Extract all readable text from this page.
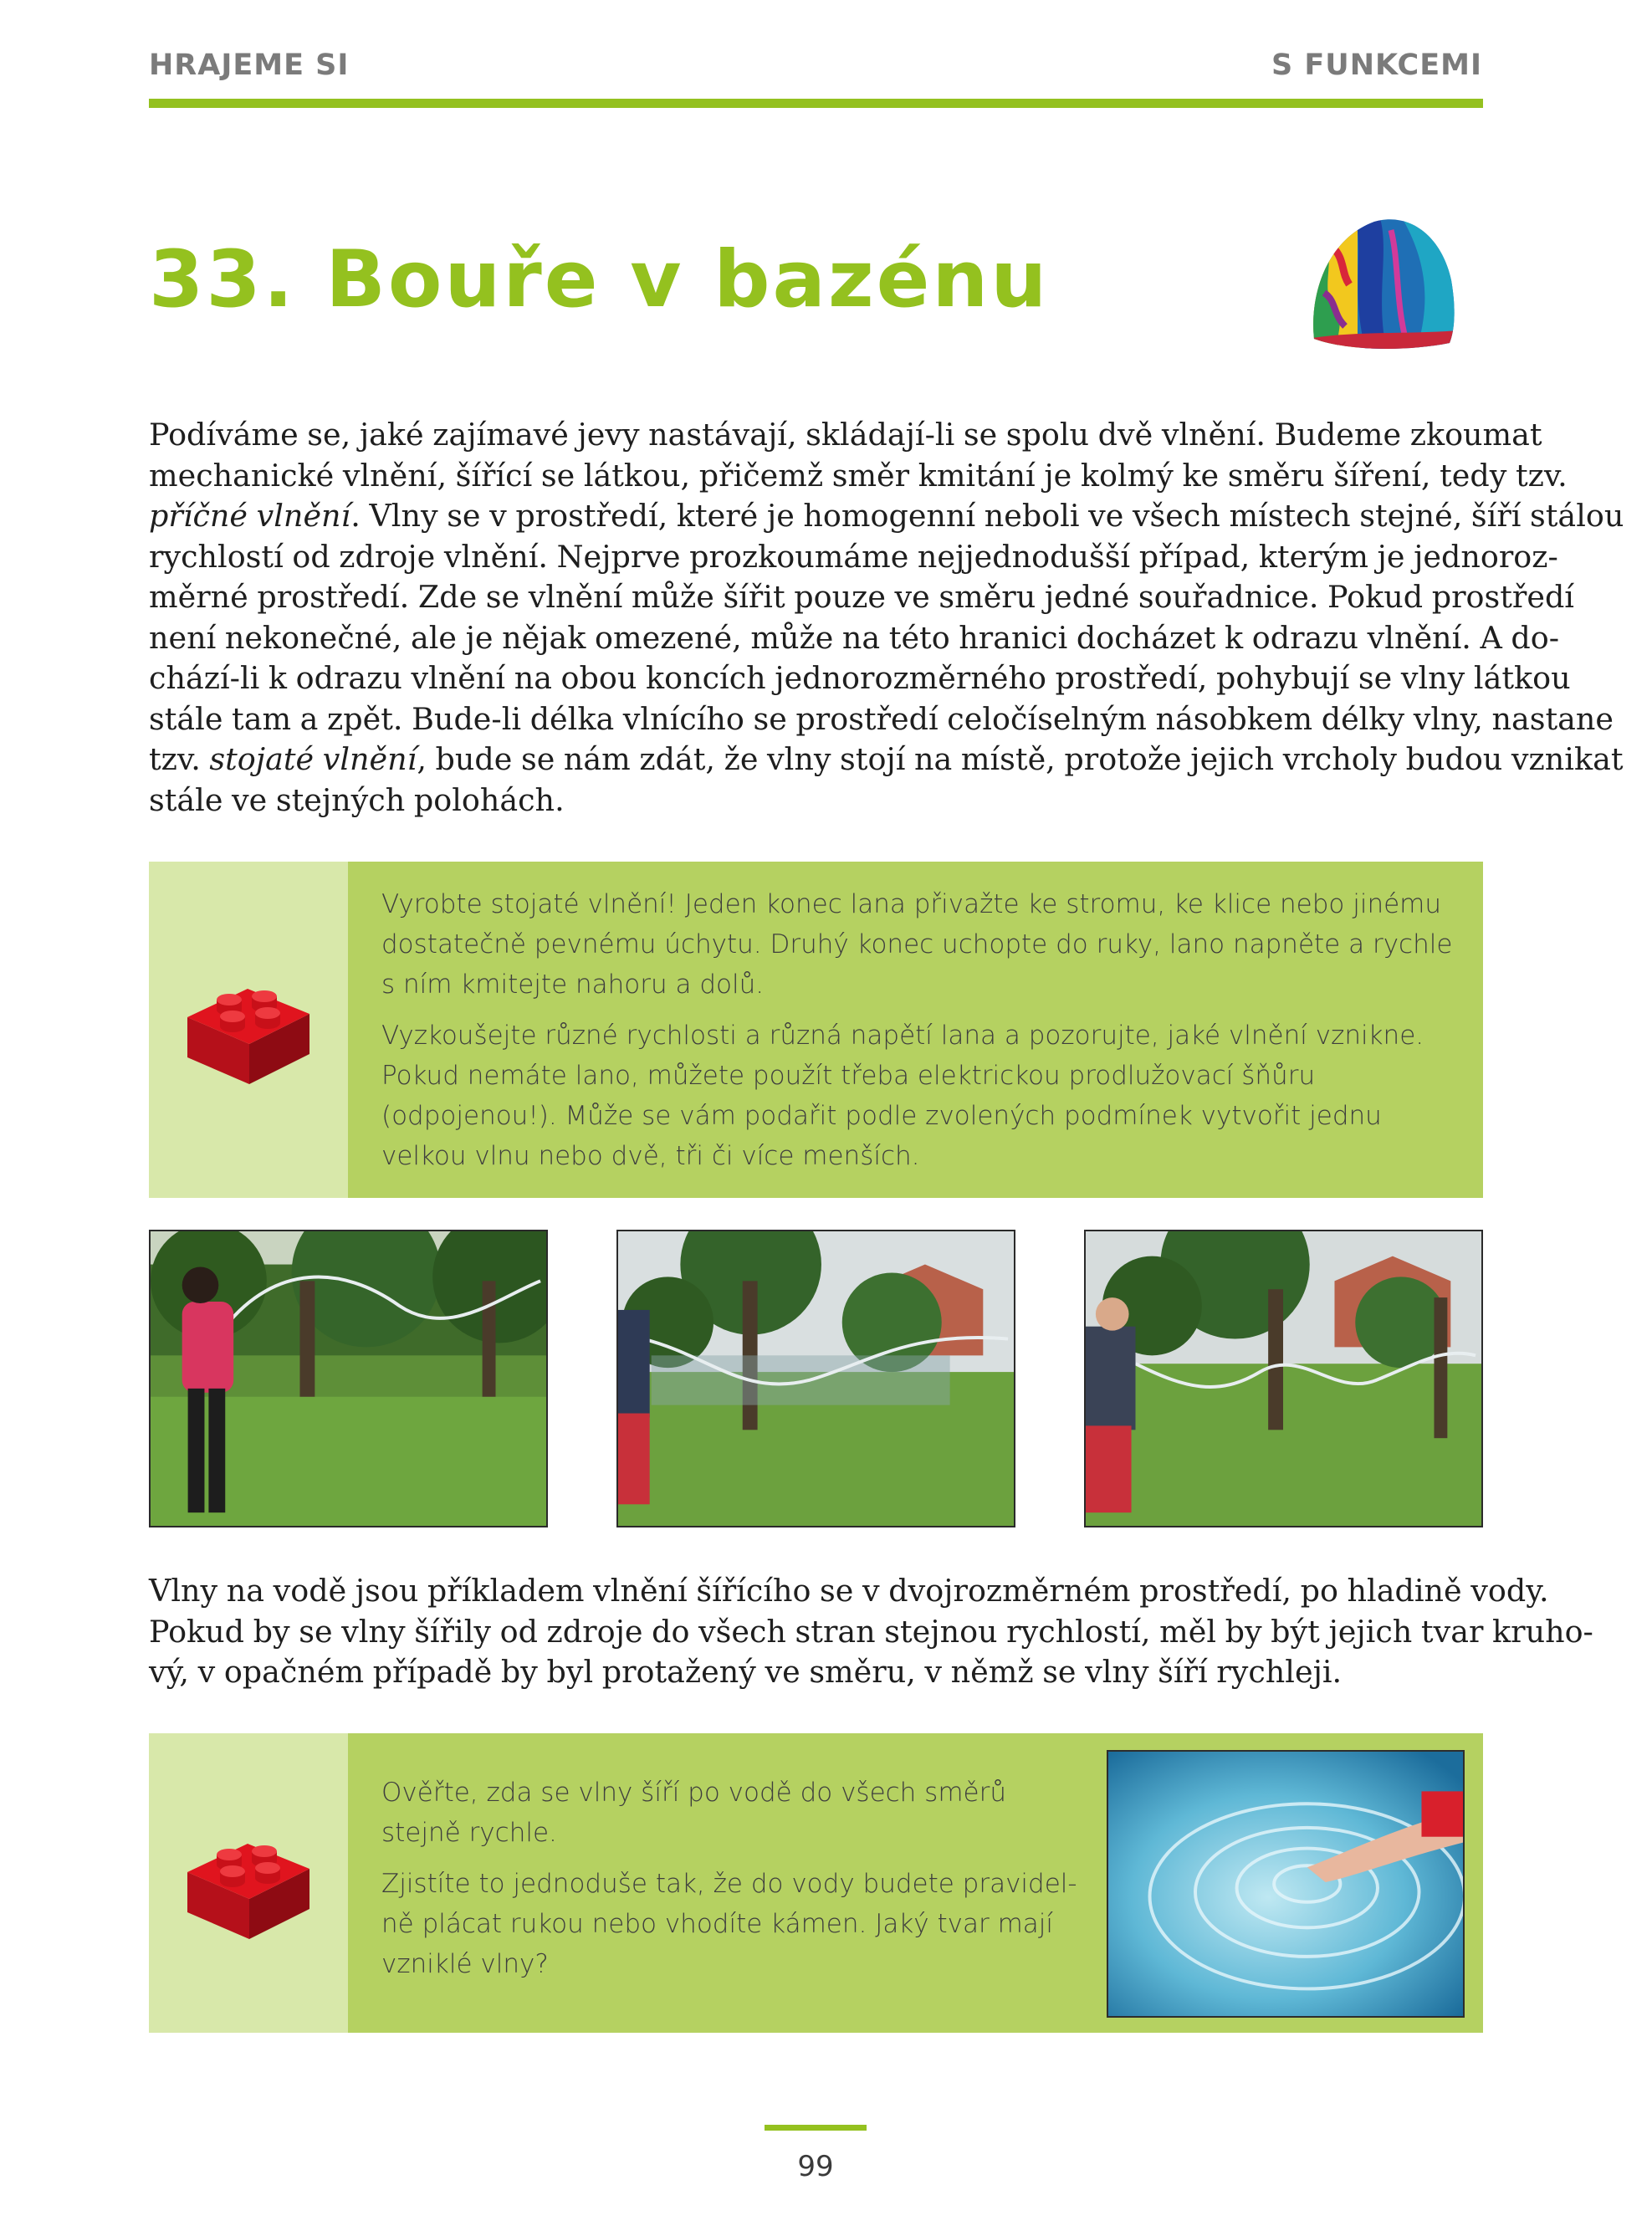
HRAJEME SI	S FUNKCEMI
33. Bouře v bazénu
Podíváme se, jaké zajímavé jevy nastávají, skládají-li se spolu dvě vlnění. Budeme zkoumat
mechanické vlnění, šířící se látkou, přičemž směr kmitání je kolmý ke směru šíření, tedy tzv.
příčné vlnění. Vlny se v prostředí, které je homogenní neboli ve všech místech stejné, šíří stálou
rychlostí od zdroje vlnění. Nejprve prozkoumáme nejjednodušší případ, kterým je jednoroz-
měrné prostředí. Zde se vlnění může šířit pouze ve směru jedné souřadnice. Pokud prostředí
není nekonečné, ale je nějak omezené, může na této hranici docházet k odrazu vlnění. A do-
chází-li k odrazu vlnění na obou koncích jednorozměrného prostředí, pohybují se vlny látkou
stále tam a zpět. Bude-li délka vlnícího se prostředí celočíselným násobkem délky vlny, nastane
tzv. stojaté vlnění, bude se nám zdát, že vlny stojí na místě, protože jejich vrcholy budou vznikat
stále ve stejných polohách.

Vyrobte stojaté vlnění! Jeden konec lana přivažte ke stromu, ke klice nebo jinému
dostatečně pevnému úchytu. Druhý konec uchopte do ruky, lano napněte a rychle
s ním kmitejte nahoru a dolů.

Vyzkoušejte různé rychlosti a různá napětí lana a pozorujte, jaké vlnění vznikne.
Pokud nemáte lano, můžete použít třeba elektrickou prodlužovací šňůru
(odpojenou!). Může se vám podařit podle zvolených podmínek vytvořit jednu
velkou vlnu nebo dvě, tři či více menších.

Vlny na vodě jsou příkladem vlnění šířícího se v dvojrozměrném prostředí, po hladině vody.
Pokud by se vlny šířily od zdroje do všech stran stejnou rychlostí, měl by být jejich tvar kruho-
vý, v opačném případě by byl protažený ve směru, v němž se vlny šíří rychleji.

Ověřte, zda se vlny šíří po vodě do všech směrů
stejně rychle.

Zjistíte to jednoduše tak, že do vody budete pravidel-
ně plácat rukou nebo vhodíte kámen. Jaký tvar mají
vzniklé vlny?

99
